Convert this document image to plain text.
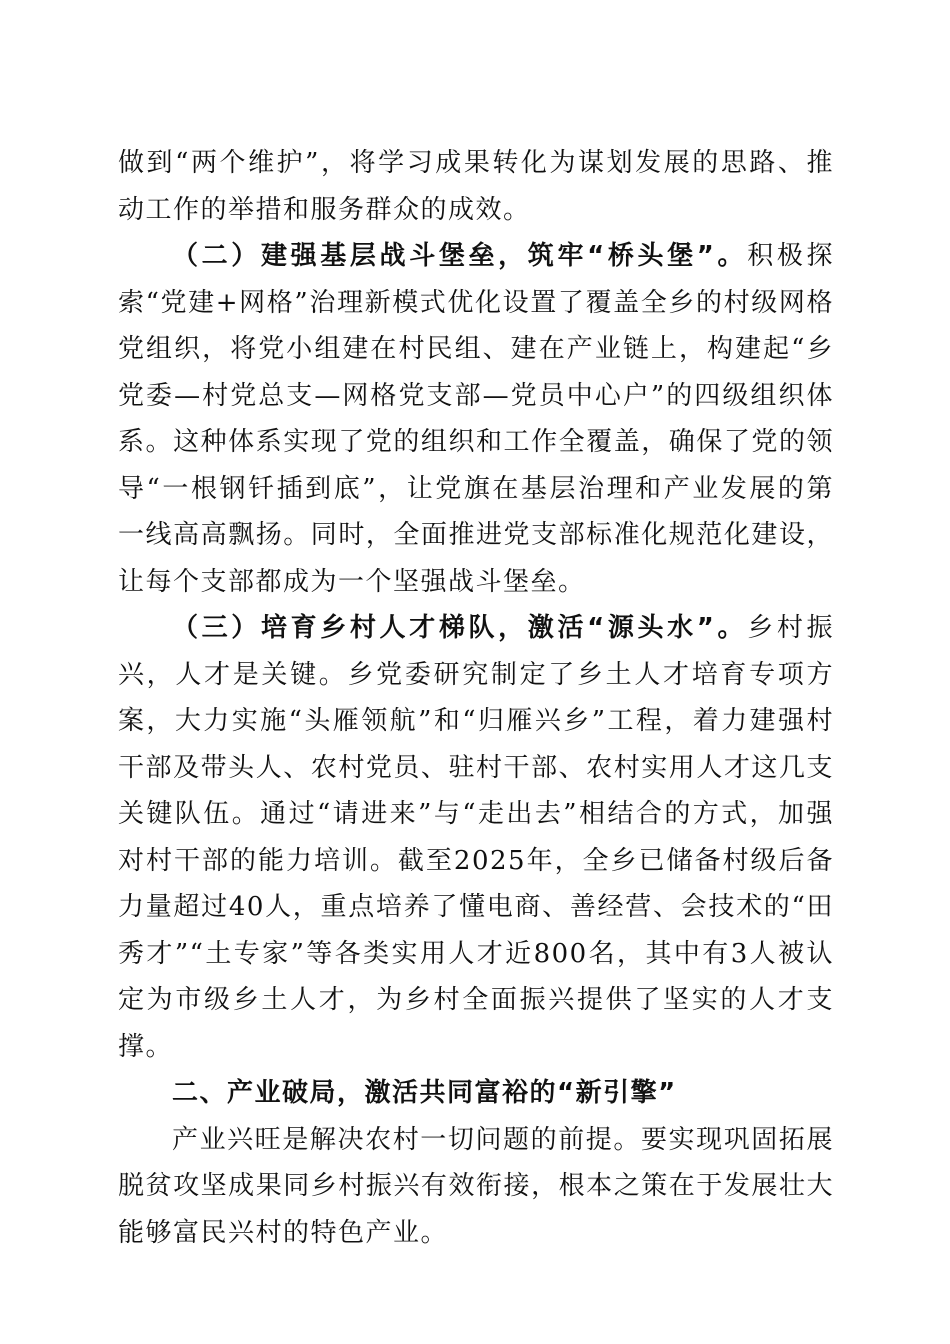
做到“两个维护”，将学习成果转化为谋划发展的思路、推动工作的举措和服务群众的成效。

（二）建强基层战斗堡垒，筑牢“桥头堡”。积极探索“党建+网格”治理新模式优化设置了覆盖全乡的村级网格党组织，将党小组建在村民组、建在产业链上，构建起“乡党委—村党总支—网格党支部—党员中心户”的四级组织体系。这种体系实现了党的组织和工作全覆盖，确保了党的领导“一根钢钎插到底”，让党旗在基层治理和产业发展的第一线高高飘扬。同时，全面推进党支部标准化规范化建设，让每个支部都成为一个坚强战斗堡垒。

（三）培育乡村人才梯队，激活“源头水”。乡村振兴，人才是关键。乡党委研究制定了乡土人才培育专项方案，大力实施“头雁领航”和“归雁兴乡”工程，着力建强村干部及带头人、农村党员、驻村干部、农村实用人才这几支关键队伍。通过“请进来”与“走出去”相结合的方式，加强对村干部的能力培训。截至2025年，全乡已储备村级后备力量超过40人，重点培养了懂电商、善经营、会技术的“田秀才”“土专家”等各类实用人才近800名，其中有3人被认定为市级乡土人才，为乡村全面振兴提供了坚实的人才支撑。

二、产业破局，激活共同富裕的“新引擎”

产业兴旺是解决农村一切问题的前提。要实现巩固拓展脱贫攻坚成果同乡村振兴有效衔接，根本之策在于发展壮大能够富民兴村的特色产业。
